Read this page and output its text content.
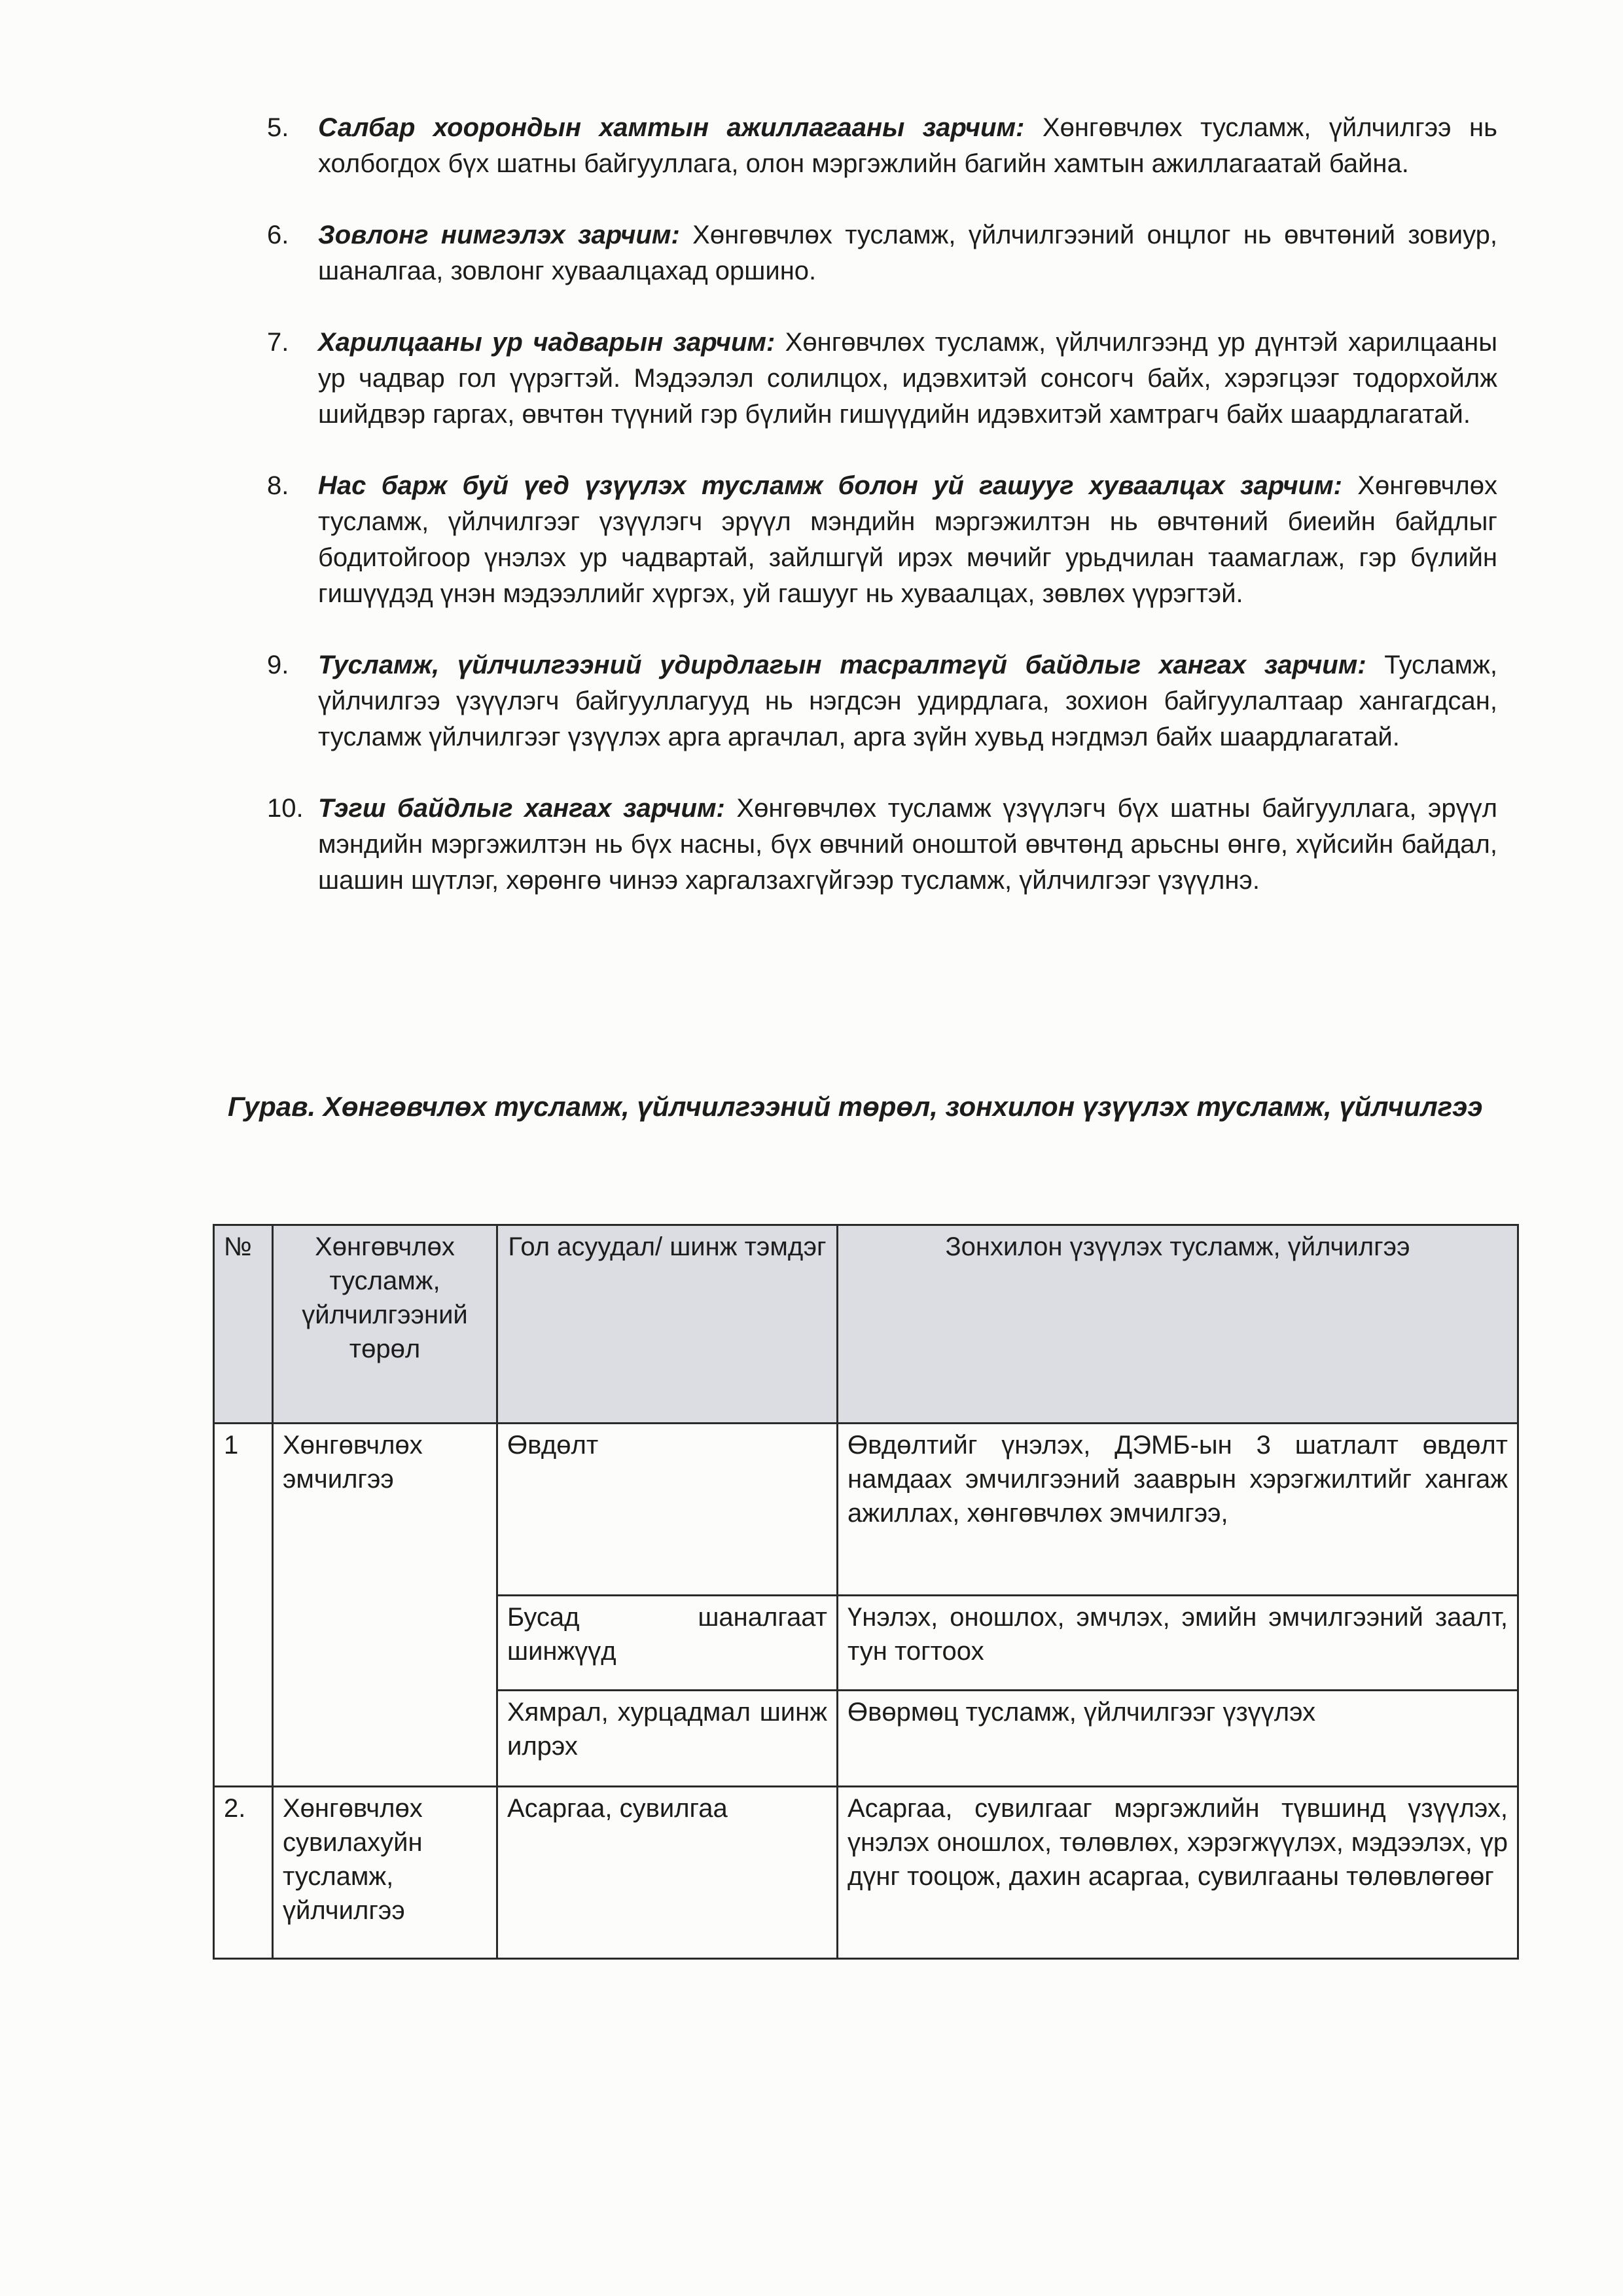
5. Салбар хоорондын хамтын ажиллагааны зарчим: Хөнгөвчлөх тусламж, үйлчилгээ нь холбогдох бүх шатны байгууллага, олон мэргэжлийн багийн хамтын ажиллагаатай байна.
6. Зовлонг нимгэлэх зарчим: Хөнгөвчлөх тусламж, үйлчилгээний онцлог нь өвчтөний зовиур, шаналгаа, зовлонг хуваалцахад оршино.
7. Харилцааны ур чадварын зарчим: Хөнгөвчлөх тусламж, үйлчилгээнд ур дүнтэй харилцааны ур чадвар гол үүрэгтэй. Мэдээлэл солилцох, идэвхитэй сонсогч байх, хэрэгцээг тодорхойлж шийдвэр гаргах, өвчтөн түүний гэр бүлийн гишүүдийн идэвхитэй хамтрагч байх шаардлагатай.
8. Нас барж буй үед үзүүлэх тусламж болон уй гашууг хуваалцах зарчим: Хөнгөвчлөх тусламж, үйлчилгээг үзүүлэгч эрүүл мэндийн мэргэжилтэн нь өвчтөний биеийн байдлыг бодитойгоор үнэлэх ур чадвартай, зайлшгүй ирэх мөчийг урьдчилан таамаглаж, гэр бүлийн гишүүдэд үнэн мэдээллийг хүргэх, уй гашууг нь хуваалцах, зөвлөх үүрэгтэй.
9. Тусламж, үйлчилгээний удирдлагын тасралтгүй байдлыг хангах зарчим: Тусламж, үйлчилгээ үзүүлэгч байгууллагууд нь нэгдсэн удирдлага, зохион байгуулалтаар хангагдсан, тусламж үйлчилгээг үзүүлэх арга аргачлал, арга зүйн хувьд нэгдмэл байх шаардлагатай.
10. Тэгш байдлыг хангах зарчим: Хөнгөвчлөх тусламж үзүүлэгч бүх шатны байгууллага, эрүүл мэндийн мэргэжилтэн нь бүх насны, бүх өвчний оноштой өвчтөнд арьсны өнгө, хүйсийн байдал, шашин шүтлэг, хөрөнгө чинээ харгалзахгүйгээр тусламж, үйлчилгээг үзүүлнэ.
Гурав. Хөнгөвчлөх тусламж, үйлчилгээний төрөл, зонхилон үзүүлэх тусламж, үйлчилгээ
№	Хөнгөвчлөх тусламж, үйлчилгээний төрөл	Гол асуудал/ шинж тэмдэг	Зонхилон үзүүлэх тусламж, үйлчилгээ
1	Хөнгөвчлөх эмчилгээ	Өвдөлт	Өвдөлтийг үнэлэх, ДЭМБ-ын 3 шатлалт өвдөлт намдаах эмчилгээний зааврын хэрэгжилтийг хангаж ажиллах, хөнгөвчлөх эмчилгээ,
		Бусад шаналгаат шинжүүд	Үнэлэх, оношлох, эмчлэх, эмийн эмчилгээний заалт, тун тогтоох
		Хямрал, хурцадмал шинж илрэх	Өвөрмөц тусламж, үйлчилгээг үзүүлэх
2.	Хөнгөвчлөх сувилахуйн тусламж, үйлчилгээ	Асаргаа, сувилгаа	Асаргаа, сувилгааг мэргэжлийн түвшинд үзүүлэх, үнэлэх оношлох, төлөвлөх, хэрэгжүүлэх, мэдээлэх, үр дүнг тооцож, дахин асаргаа, сувилгааны төлөвлөгөөг
